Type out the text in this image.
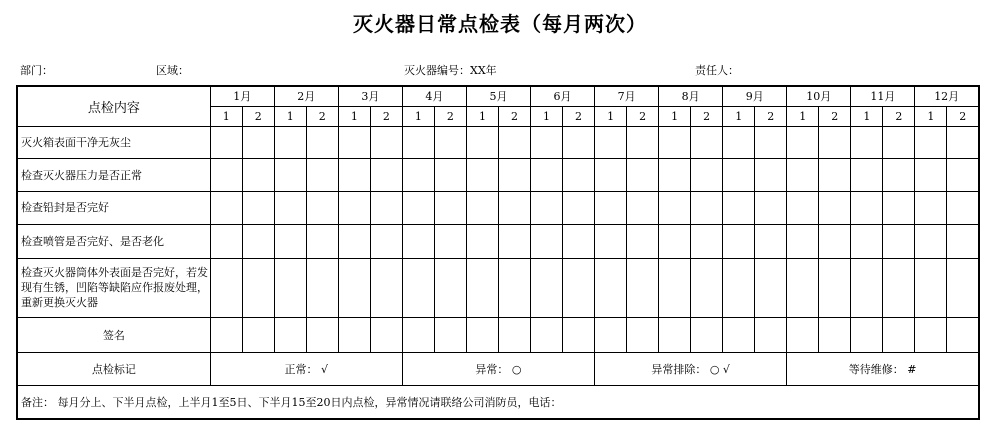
灭火器日常点检表（每月两次）
部门：	区域：	灭火器编号：XX年	责任人：
点检内容	1月		2月		3月		4月		5月		6月		7月		8月		9月		10月		11月		12月	
	1	2	1	2	1	2	1	2	1	2	1	2	1	2	1	2	1	2	1	2	1	2	1	2
灭火箱表面干净无灰尘																								
检查灭火器压力是否正常																								
检查铅封是否完好																								
检查喷管是否完好、是否老化																								
检查灭火器筒体外表面是否完好，若发现有生锈，凹陷等缺陷应作报废处理，重新更换灭火器																								
签名																								
点检标记	正常： √						异常： ○						异常排除： ○ √						等待维修： #					
备注： 每月分上、下半月点检，上半月1至5日、下半月15至20日内点检，异常情况请联络公司消防员，电话：																								
